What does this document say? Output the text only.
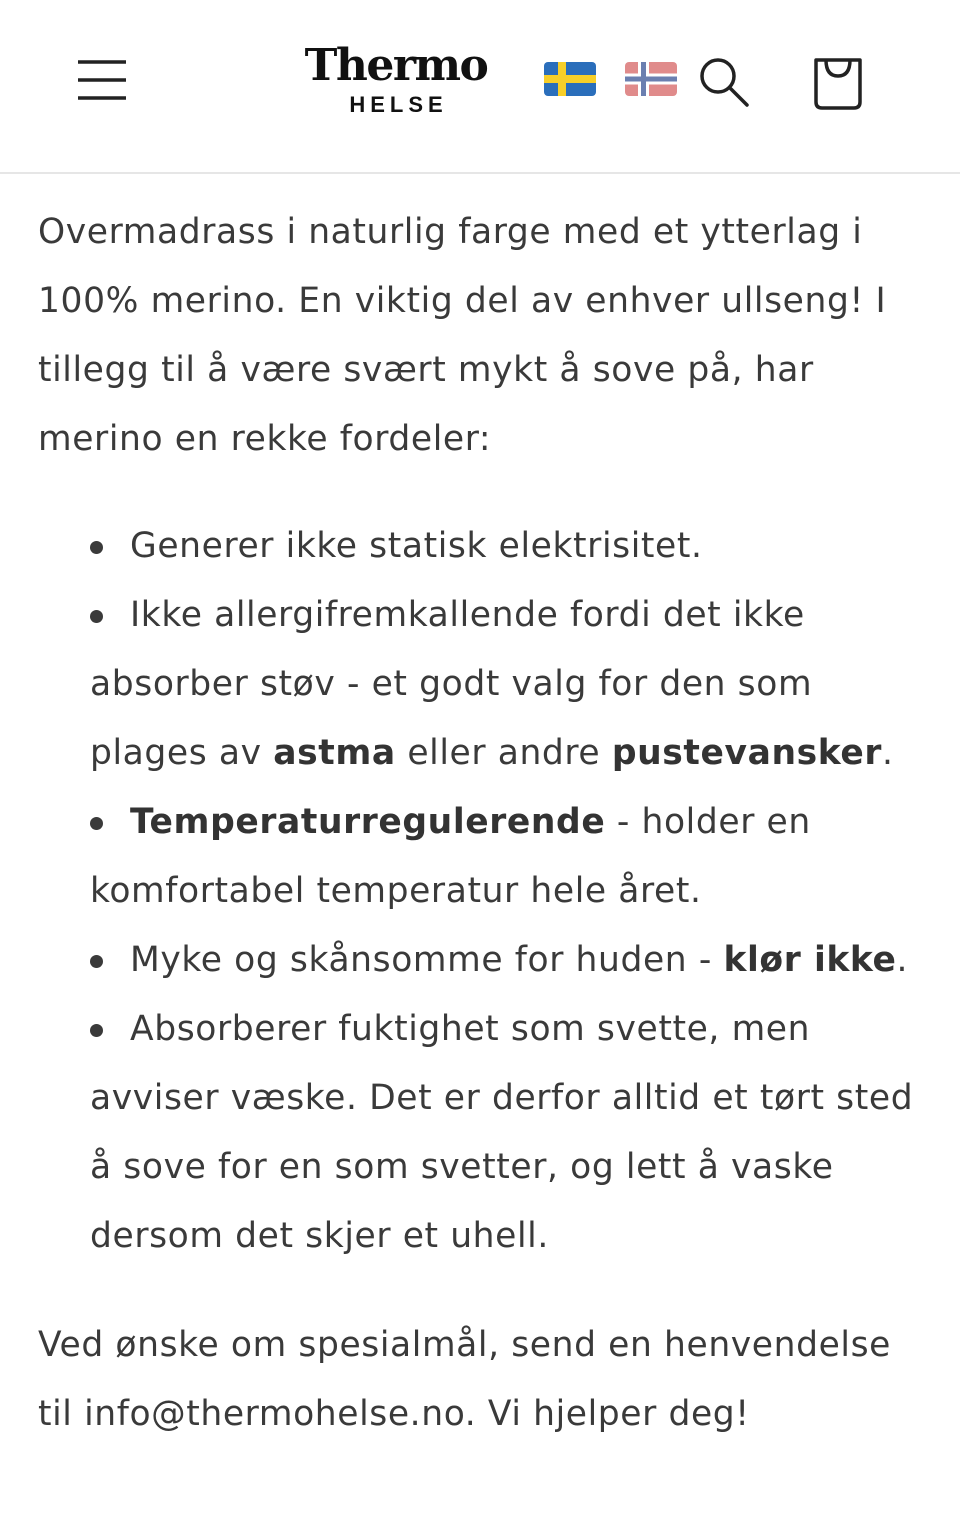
Thermo
HELSE

Overmadrass i naturlig farge med et ytterlag i 100% merino. En viktig del av enhver ullseng! I tillegg til å være svært mykt å sove på, har merino en rekke fordeler:

Generer ikke statisk elektrisitet.
Ikke allergifremkallende fordi det ikke absorber støv - et godt valg for den som plages av astma eller andre pustevansker.
Temperaturregulerende - holder en komfortabel temperatur hele året.
Myke og skånsomme for huden - klør ikke.
Absorberer fuktighet som svette, men avviser væske. Det er derfor alltid et tørt sted å sove for en som svetter, og lett å vaske dersom det skjer et uhell.

Ved ønske om spesialmål, send en henvendelse til info@thermohelse.no. Vi hjelper deg!
